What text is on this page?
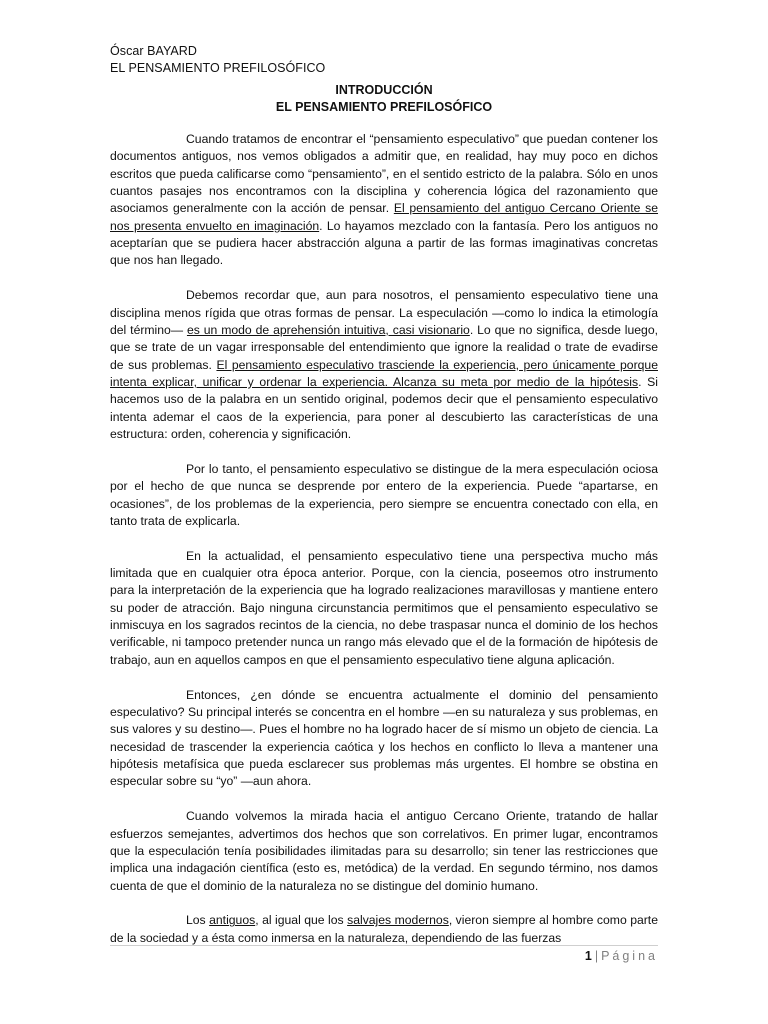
Óscar BAYARD
EL PENSAMIENTO PREFILOSÓFICO
INTRODUCCIÓN
EL PENSAMIENTO PREFILOSÓFICO

Cuando tratamos de encontrar el “pensamiento especulativo” que puedan contener los documentos antiguos, nos vemos obligados a admitir que, en realidad, hay muy poco en dichos escritos que pueda calificarse como “pensamiento”, en el sentido estricto de la palabra. Sólo en unos cuantos pasajes nos encontramos con la disciplina y coherencia lógica del razonamiento que asociamos generalmente con la acción de pensar. El pensamiento del antiguo Cercano Oriente se nos presenta envuelto en imaginación. Lo hayamos mezclado con la fantasía. Pero los antiguos no aceptarían que se pudiera hacer abstracción alguna a partir de las formas imaginativas concretas que nos han llegado.

Debemos recordar que, aun para nosotros, el pensamiento especulativo tiene una disciplina menos rígida que otras formas de pensar. La especulación —como lo indica la etimología del término— es un modo de aprehensión intuitiva, casi visionario. Lo que no significa, desde luego, que se trate de un vagar irresponsable del entendimiento que ignore la realidad o trate de evadirse de sus problemas. El pensamiento especulativo trasciende la experiencia, pero únicamente porque intenta explicar, unificar y ordenar la experiencia. Alcanza su meta por medio de la hipótesis. Si hacemos uso de la palabra en un sentido original, podemos decir que el pensamiento especulativo intenta ademar el caos de la experiencia, para poner al descubierto las características de una estructura: orden, coherencia y significación.

Por lo tanto, el pensamiento especulativo se distingue de la mera especulación ociosa por el hecho de que nunca se desprende por entero de la experiencia. Puede “apartarse, en ocasiones”, de los problemas de la experiencia, pero siempre se encuentra conectado con ella, en tanto trata de explicarla.

En la actualidad, el pensamiento especulativo tiene una perspectiva mucho más limitada que en cualquier otra época anterior. Porque, con la ciencia, poseemos otro instrumento para la interpretación de la experiencia que ha logrado realizaciones maravillosas y mantiene entero su poder de atracción. Bajo ninguna circunstancia permitimos que el pensamiento especulativo se inmiscuya en los sagrados recintos de la ciencia, no debe traspasar nunca el dominio de los hechos verificable, ni tampoco pretender nunca un rango más elevado que el de la formación de hipótesis de trabajo, aun en aquellos campos en que el pensamiento especulativo tiene alguna aplicación.

Entonces, ¿en dónde se encuentra actualmente el dominio del pensamiento especulativo? Su principal interés se concentra en el hombre —en su naturaleza y sus problemas, en sus valores y su destino—. Pues el hombre no ha logrado hacer de sí mismo un objeto de ciencia. La necesidad de trascender la experiencia caótica y los hechos en conflicto lo lleva a mantener una hipótesis metafísica que pueda esclarecer sus problemas más urgentes. El hombre se obstina en especular sobre su “yo” —aun ahora.

Cuando volvemos la mirada hacia el antiguo Cercano Oriente, tratando de hallar esfuerzos semejantes, advertimos dos hechos que son correlativos. En primer lugar, encontramos que la especulación tenía posibilidades ilimitadas para su desarrollo; sin tener las restricciones que implica una indagación científica (esto es, metódica) de la verdad. En segundo término, nos damos cuenta de que el dominio de la naturaleza no se distingue del dominio humano.

Los antiguos, al igual que los salvajes modernos, vieron siempre al hombre como parte de la sociedad y a ésta como inmersa en la naturaleza, dependiendo de las fuerzas

1 | Página
